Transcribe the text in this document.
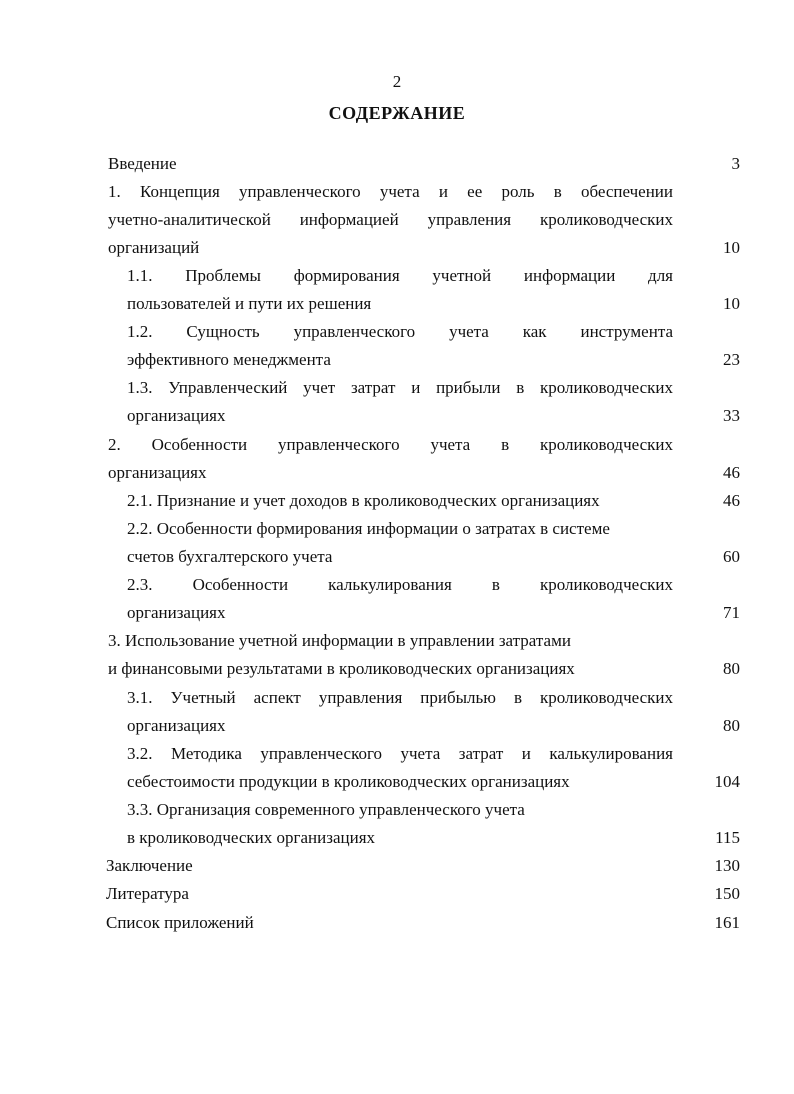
2
СОДЕРЖАНИЕ
Введение	3
1. Концепция управленческого учета и ее роль в обеспечении
учетно-аналитической информацией управления кролиководческих
организаций	10
1.1. Проблемы формирования учетной информации для
пользователей и пути их решения	10
1.2. Сущность управленческого учета как инструмента
эффективного менеджмента	23
1.3. Управленческий учет затрат и прибыли в кролиководческих
организациях	33
2. Особенности управленческого учета в кролиководческих
организациях	46
2.1. Признание и учет доходов в кролиководческих организациях	46
2.2. Особенности формирования информации о затратах в системе
счетов бухгалтерского учета	60
2.3. Особенности калькулирования в кролиководческих
организациях	71
3. Использование учетной информации в управлении затратами
и финансовыми результатами в кролиководческих организациях	80
3.1. Учетный аспект управления прибылью в кролиководческих
организациях	80
3.2. Методика управленческого учета затрат и калькулирования
себестоимости продукции в кролиководческих организациях	104
3.3. Организация современного управленческого учета
в кролиководческих организациях	115
Заключение	130
Литература	150
Список приложений	161
